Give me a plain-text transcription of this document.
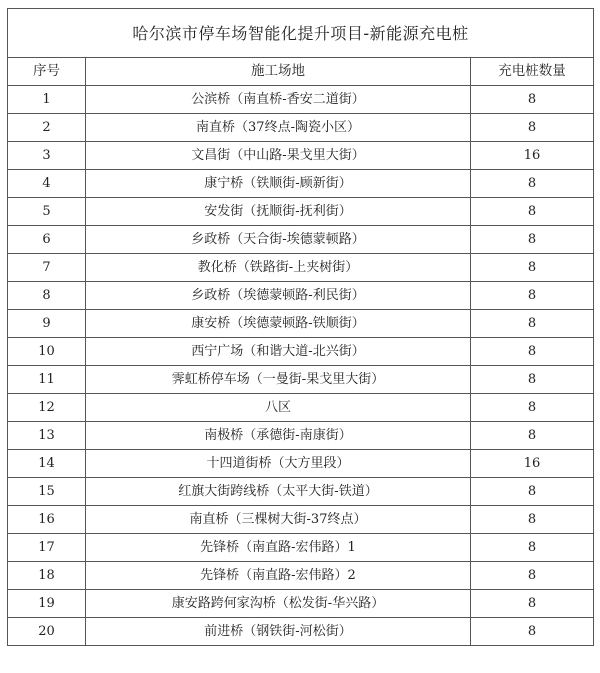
哈尔滨市停车场智能化提升项目-新能源充电桩		
序号	施工场地	充电桩数量
1	公滨桥（南直桥-香安二道街）	8
2	南直桥（37终点-陶瓷小区）	8
3	文昌街（中山路-果戈里大街）	16
4	康宁桥（铁顺街-顾新街）	8
5	安发街（抚顺街-抚利街）	8
6	乡政桥（天合街-埃德蒙顿路）	8
7	教化桥（铁路街-上夹树街）	8
8	乡政桥（埃德蒙顿路-利民街）	8
9	康安桥（埃德蒙顿路-铁顺街）	8
10	西宁广场（和谐大道-北兴街）	8
11	霁虹桥停车场（一曼街-果戈里大街）	8
12	八区	8
13	南极桥（承德街-南康街）	8
14	十四道街桥（大方里段）	16
15	红旗大街跨线桥（太平大街-铁道）	8
16	南直桥（三棵树大街-37终点）	8
17	先锋桥（南直路-宏伟路）1	8
18	先锋桥（南直路-宏伟路）2	8
19	康安路跨何家沟桥（松发街-华兴路）	8
20	前进桥（钢铁街-河松街）	8
